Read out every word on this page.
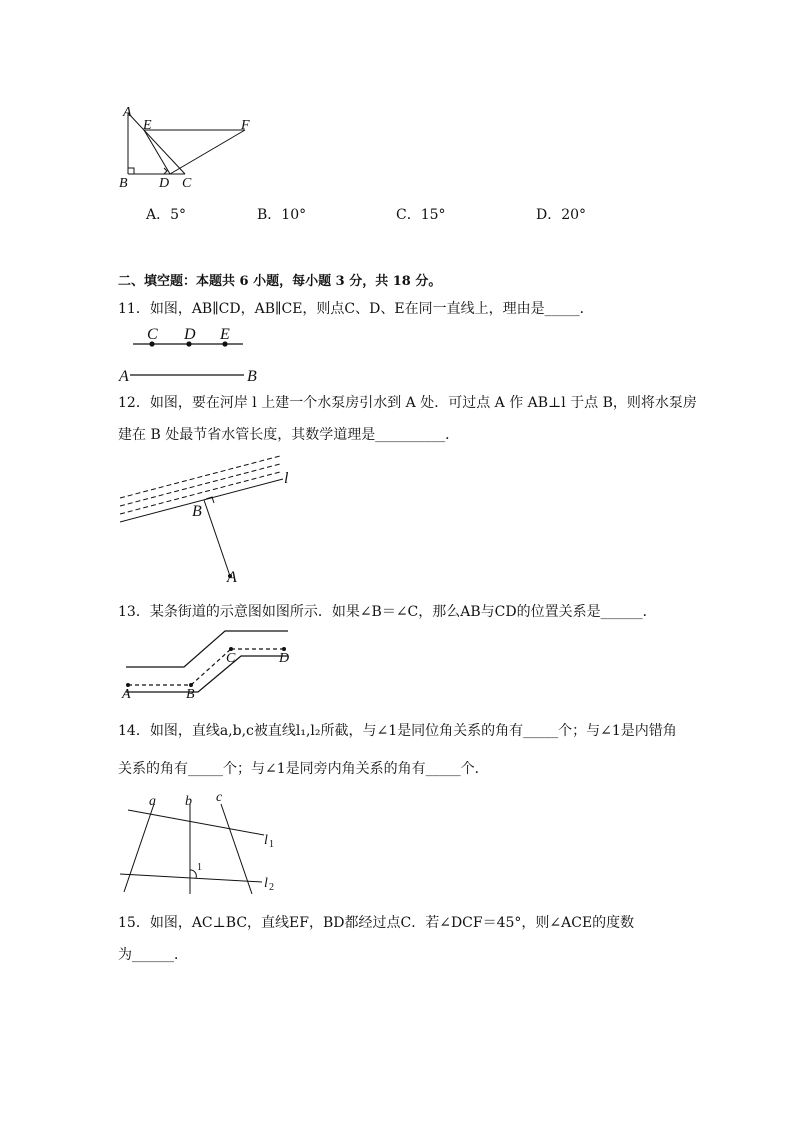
A
E	F
B D C
A．5°	B．10°	C．15°	D．20°
二、填空题：本题共 6 小题，每小题 3 分，共 18 分。
11．如图，AB∥CD，AB∥CE，则点C、D、E在同一直线上，理由是_____．
C D E
A	B
12．如图，要在河岸 l 上建一个水泵房引水到 A 处．可过点 A 作 AB⊥l 于点 B，则将水泵房
建在 B 处最节省水管长度，其数学道理是__________．
l
B
A
13．某条街道的示意图如图所示．如果∠B＝∠C，那么AB与CD的位置关系是______．
C	D
A	B
14．如图，直线a,b,c被直线l₁,l₂所截，与∠1是同位角关系的角有_____个；与∠1是内错角
关系的角有_____个；与∠1是同旁内角关系的角有_____个．
a b c
l 1
l 2
1
15．如图，AC⊥BC，直线EF，BD都经过点C．若∠DCF＝45°，则∠ACE的度数
为______．
